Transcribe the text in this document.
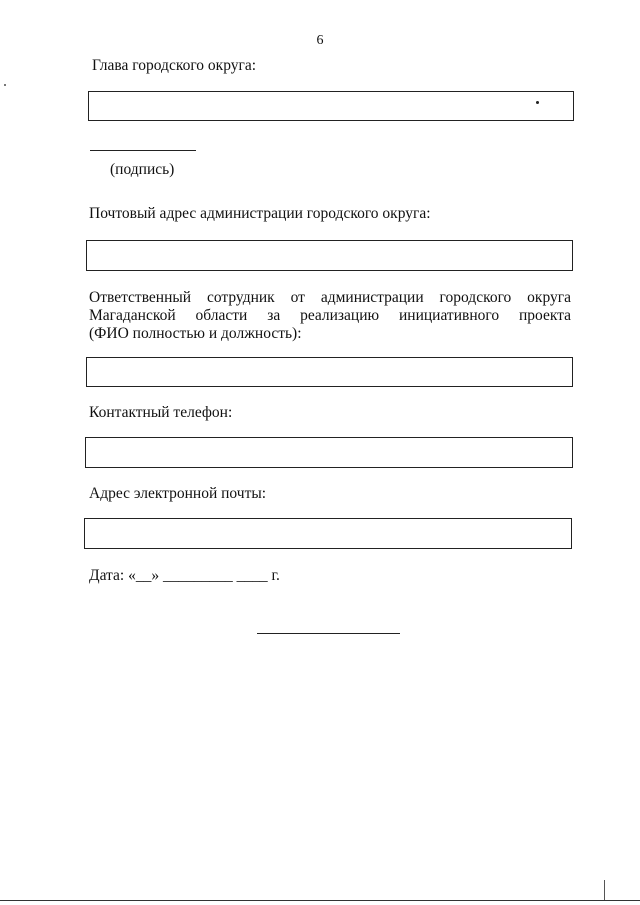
6
Глава городского округа:
(подпись)
Почтовый адрес администрации городского округа:
Ответственный сотрудник от администрации городского округа
Магаданской области за реализацию инициативного проекта
(ФИО полностью и должность):
Контактный телефон:
Адрес электронной почты:
Дата: «__» _________ ____ г.
